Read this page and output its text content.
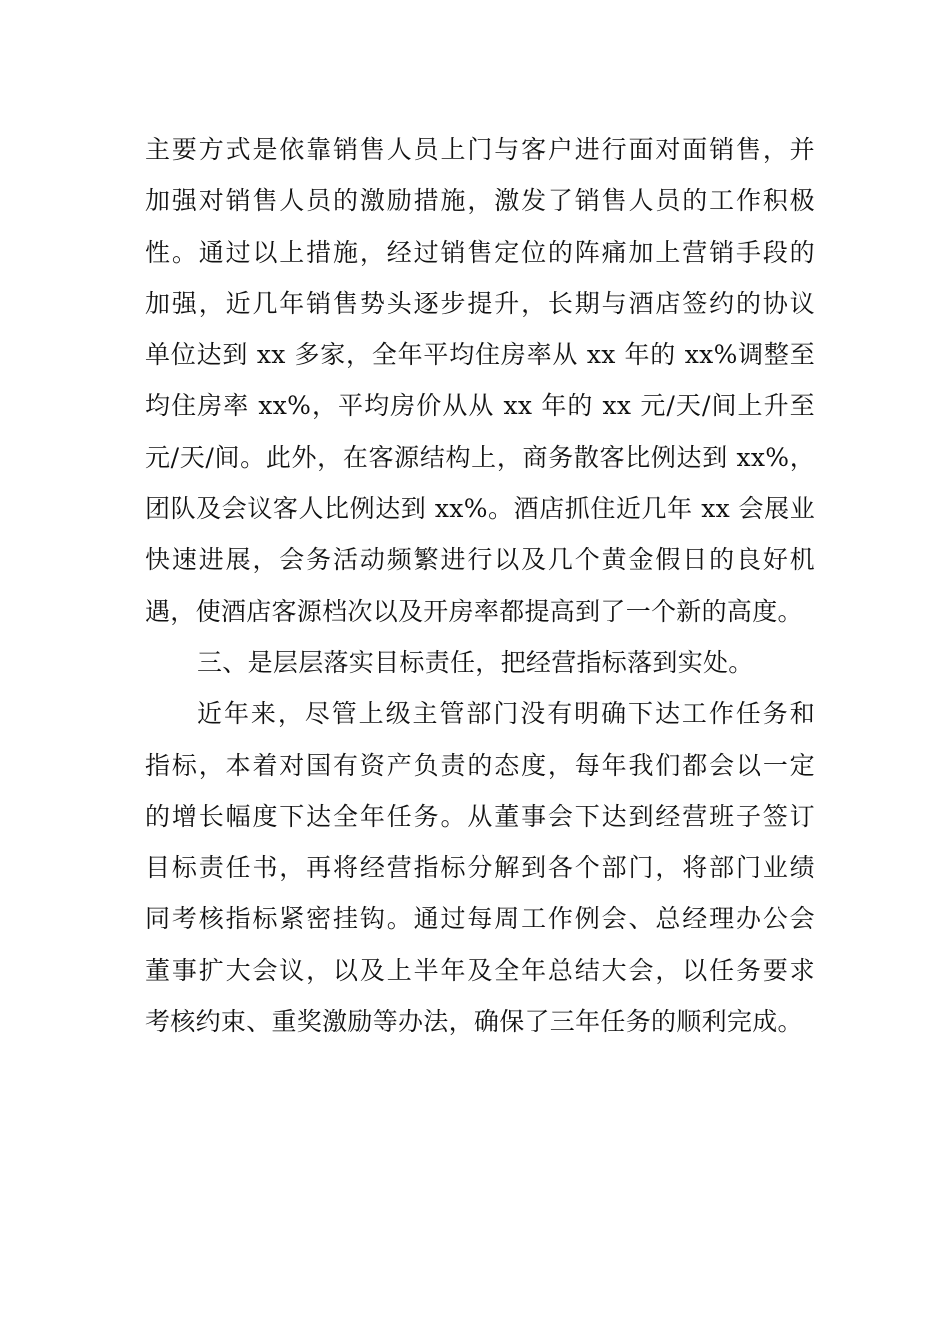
主要方式是依靠销售人员上门与客户进行面对面销售，并
加强对销售人员的激励措施，激发了销售人员的工作积极
性。通过以上措施，经过销售定位的阵痛加上营销手段的
加强，近几年销售势头逐步提升，长期与酒店签约的协议
单位达到 xx 多家，全年平均住房率从 xx 年的 xx%调整至
均住房率 xx%，平均房价从从 xx 年的 xx 元/天/间上升至
元/天/间。此外，在客源结构上，商务散客比例达到 xx%，
团队及会议客人比例达到 xx%。酒店抓住近几年 xx 会展业
快速进展，会务活动频繁进行以及几个黄金假日的良好机
遇，使酒店客源档次以及开房率都提高到了一个新的高度。
三、是层层落实目标责任，把经营指标落到实处。
近年来，尽管上级主管部门没有明确下达工作任务和
指标，本着对国有资产负责的态度，每年我们都会以一定
的增长幅度下达全年任务。从董事会下达到经营班子签订
目标责任书，再将经营指标分解到各个部门，将部门业绩
同考核指标紧密挂钩。通过每周工作例会、总经理办公会
董事扩大会议，以及上半年及全年总结大会，以任务要求
考核约束、重奖激励等办法，确保了三年任务的顺利完成。
